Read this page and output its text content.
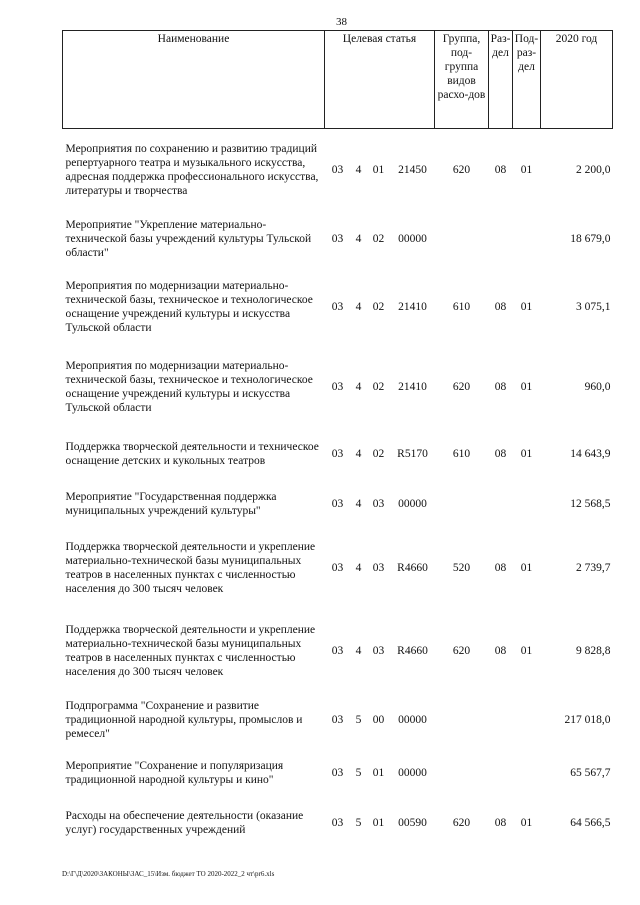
38
Наименование	Целевая статья				Группа, под-группа видов расхо-дов	Раз-дел	Под-раз-дел	2020 год
Мероприятия по сохранению и развитию традиций репертуарного театра и музыкального искусства, адресная поддержка профессионального искусства, литературы и творчества	03	4	01	21450	620	08	01	2 200,0
Мероприятие "Укрепление материально-технической базы учреждений культуры Тульской области"	03	4	02	00000				18 679,0
Мероприятия по модернизации материально-технической базы, техническое и технологическое оснащение учреждений культуры и искусства Тульской области	03	4	02	21410	610	08	01	3 075,1
Мероприятия по модернизации материально-технической базы, техническое и технологическое оснащение учреждений культуры и искусства Тульской области	03	4	02	21410	620	08	01	960,0
Поддержка творческой деятельности и техническое оснащение детских и кукольных театров	03	4	02	R5170	610	08	01	14 643,9
Мероприятие "Государственная поддержка муниципальных учреждений культуры"	03	4	03	00000				12 568,5
Поддержка творческой деятельности и укрепление материально-технической базы муниципальных театров в населенных пунктах с численностью населения до 300 тысяч человек	03	4	03	R4660	520	08	01	2 739,7
Поддержка творческой деятельности и укрепление материально-технической базы муниципальных театров в населенных пунктах с численностью населения до 300 тысяч человек	03	4	03	R4660	620	08	01	9 828,8
Подпрограмма "Сохранение и развитие традиционной народной культуры, промыслов и ремесел"	03	5	00	00000				217 018,0
Мероприятие "Сохранение и популяризация традиционной народной культуры и кино"	03	5	01	00000				65 567,7
Расходы на обеспечение деятельности (оказание услуг) государственных учреждений	03	5	01	00590	620	08	01	64 566,5
D:\Г\Д\2020\ЗАКОНЫ\ЗАС_15\Изм. бюджет ТО 2020-2022_2 чт\pr6.xls
